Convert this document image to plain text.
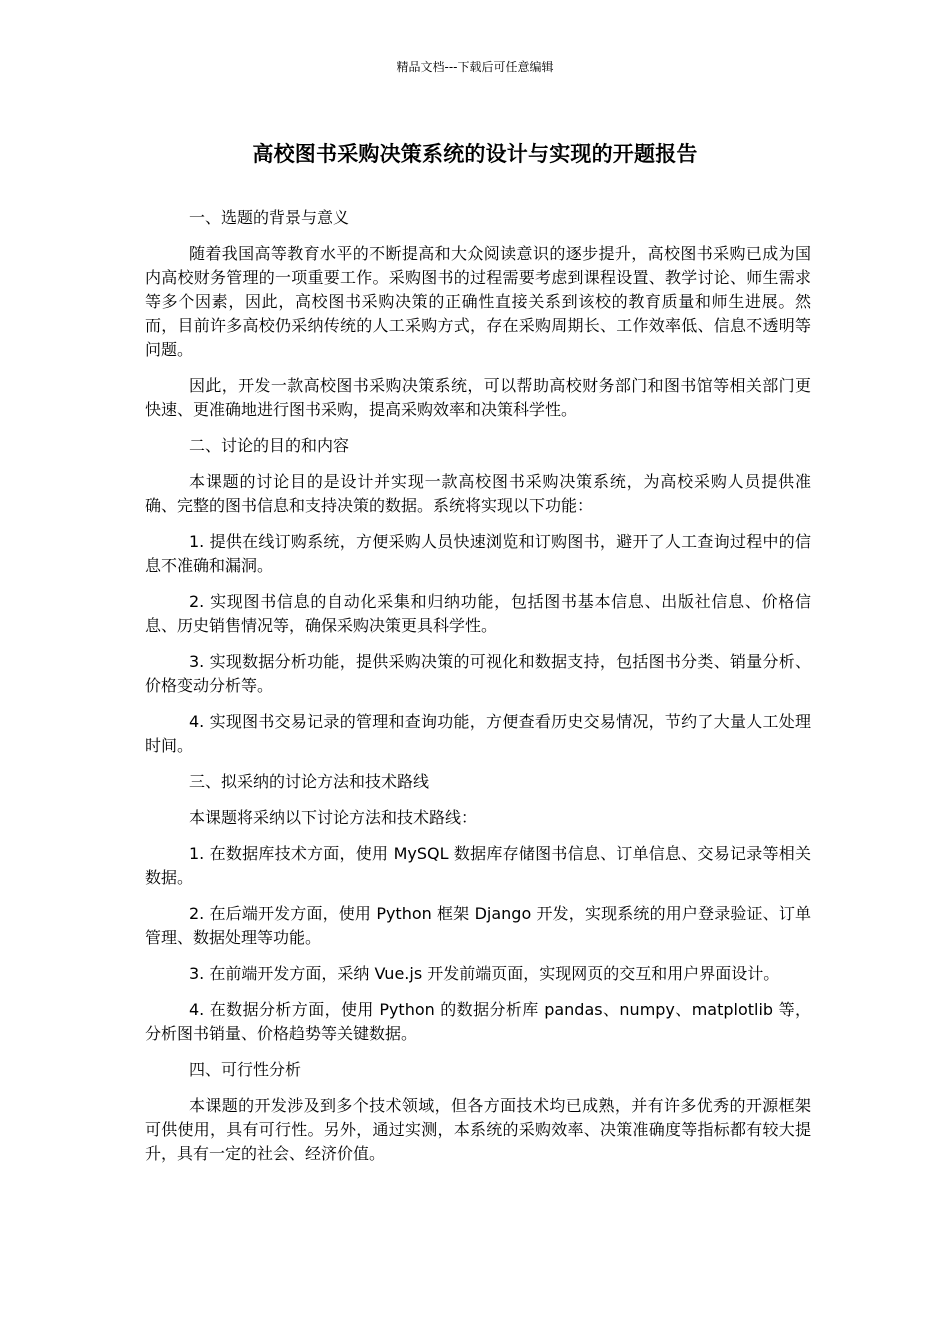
精品文档---下载后可任意编辑
高校图书采购决策系统的设计与实现的开题报告
一、选题的背景与意义

随着我国高等教育水平的不断提高和大众阅读意识的逐步提升，高校图书采购已成为国内高校财务管理的一项重要工作。采购图书的过程需要考虑到课程设置、教学讨论、师生需求等多个因素，因此，高校图书采购决策的正确性直接关系到该校的教育质量和师生进展。然而，目前许多高校仍采纳传统的人工采购方式，存在采购周期长、工作效率低、信息不透明等问题。

因此，开发一款高校图书采购决策系统，可以帮助高校财务部门和图书馆等相关部门更快速、更准确地进行图书采购，提高采购效率和决策科学性。

二、讨论的目的和内容

本课题的讨论目的是设计并实现一款高校图书采购决策系统，为高校采购人员提供准确、完整的图书信息和支持决策的数据。系统将实现以下功能：

1. 提供在线订购系统，方便采购人员快速浏览和订购图书，避开了人工查询过程中的信息不准确和漏洞。

2. 实现图书信息的自动化采集和归纳功能，包括图书基本信息、出版社信息、价格信息、历史销售情况等，确保采购决策更具科学性。

3. 实现数据分析功能，提供采购决策的可视化和数据支持，包括图书分类、销量分析、价格变动分析等。

4. 实现图书交易记录的管理和查询功能，方便查看历史交易情况，节约了大量人工处理时间。

三、拟采纳的讨论方法和技术路线

本课题将采纳以下讨论方法和技术路线：

1. 在数据库技术方面，使用 MySQL 数据库存储图书信息、订单信息、交易记录等相关数据。

2. 在后端开发方面，使用 Python 框架 Django 开发，实现系统的用户登录验证、订单管理、数据处理等功能。

3. 在前端开发方面，采纳 Vue.js 开发前端页面，实现网页的交互和用户界面设计。

4. 在数据分析方面，使用 Python 的数据分析库 pandas、numpy、matplotlib 等，分析图书销量、价格趋势等关键数据。

四、可行性分析

本课题的开发涉及到多个技术领域，但各方面技术均已成熟，并有许多优秀的开源框架可供使用，具有可行性。另外，通过实测，本系统的采购效率、决策准确度等指标都有较大提升，具有一定的社会、经济价值。
